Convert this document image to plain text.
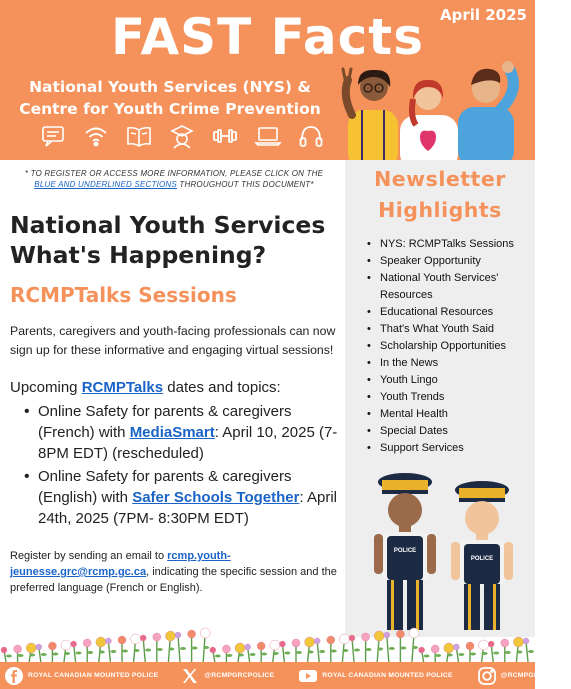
April 2025
FAST Facts
National Youth Services (NYS) &
Centre for Youth Crime Prevention
* TO REGISTER OR ACCESS MORE INFORMATION, PLEASE CLICK ON THE
BLUE AND UNDERLINED SECTIONS THROUGHOUT THIS DOCUMENT*
National Youth Services
What's Happening?
RCMPTalks Sessions
Parents, caregivers and youth-facing professionals can now sign up for these informative and engaging virtual sessions!
Upcoming RCMPTalks dates and topics:
• Online Safety for parents & caregivers (French) with MediaSmart: April 10, 2025 (7-8PM EDT) (rescheduled)
• Online Safety for parents & caregivers (English) with Safer Schools Together: April 24th, 2025 (7PM- 8:30PM EDT)
Register by sending an email to rcmp.youth-jeunesse.grc@rcmp.gc.ca, indicating the specific session and the preferred language (French or English).
Newsletter
Highlights
• NYS: RCMPTalks Sessions
• Speaker Opportunity
• National Youth Services' Resources
• Educational Resources
• That's What Youth Said
• Scholarship Opportunities
• In the News
• Youth Lingo
• Youth Trends
• Mental Health
• Special Dates
• Support Services
POLICE
POLICE
ROYAL CANADIAN MOUNTED POLICE	@RCMPGRCPOLICE	ROYAL CANADIAN MOUNTED POLICE	@RCMPGRCPOLICE
